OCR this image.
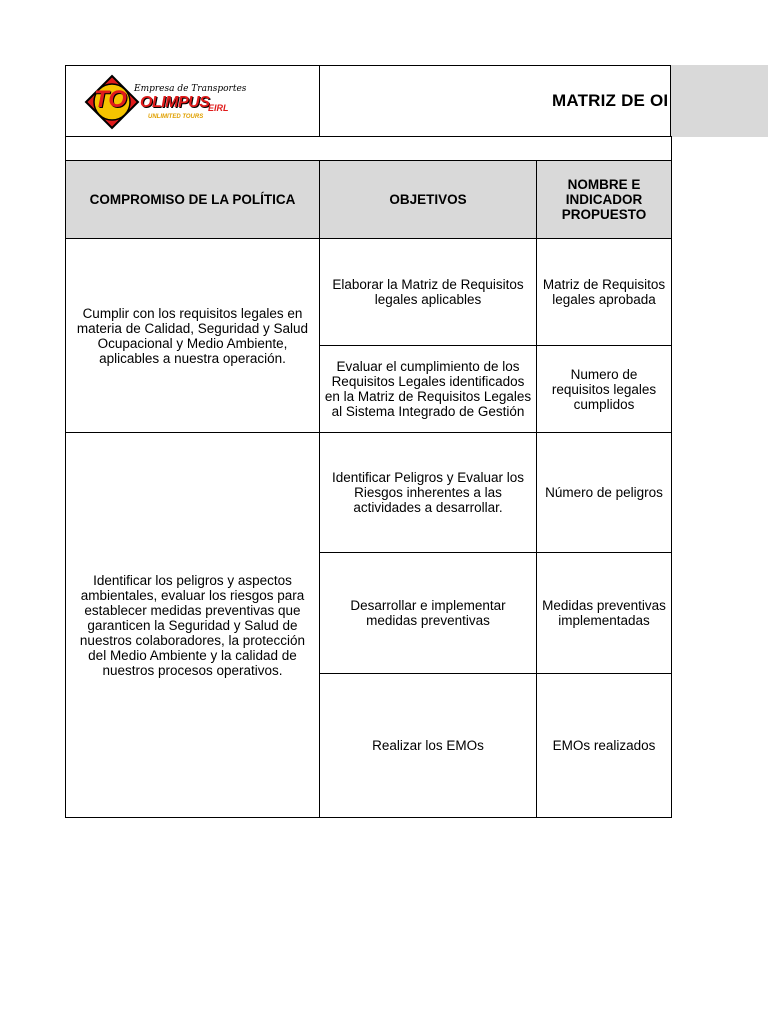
TO Empresa de Transportes
OLIMPUS
EIRL
UNLIMITED TOURS
MATRIZ DE OI
COMPROMISO DE LA POLÍTICA	OBJETIVOS
NOMBRE E INDICADOR PROPUESTO
Cumplir con los requisitos legales en materia de Calidad, Seguridad y Salud Ocupacional y Medio Ambiente, aplicables a nuestra operación.
Elaborar la Matriz de Requisitos legales aplicables
Matriz de Requisitos legales aprobada
Evaluar el cumplimiento de los Requisitos Legales identificados en la Matriz de Requisitos Legales al Sistema Integrado de Gestión
Numero de requisitos legales cumplidos
Identificar los peligros y aspectos ambientales, evaluar los riesgos para establecer medidas preventivas que garanticen la Seguridad y Salud de nuestros colaboradores, la protección del Medio Ambiente y la calidad de nuestros procesos operativos.
Identificar Peligros y Evaluar los Riesgos inherentes a las actividades a desarrollar.
Número de peligros
Desarrollar e implementar medidas preventivas
Medidas preventivas implementadas
Realizar los EMOs	EMOs realizados
